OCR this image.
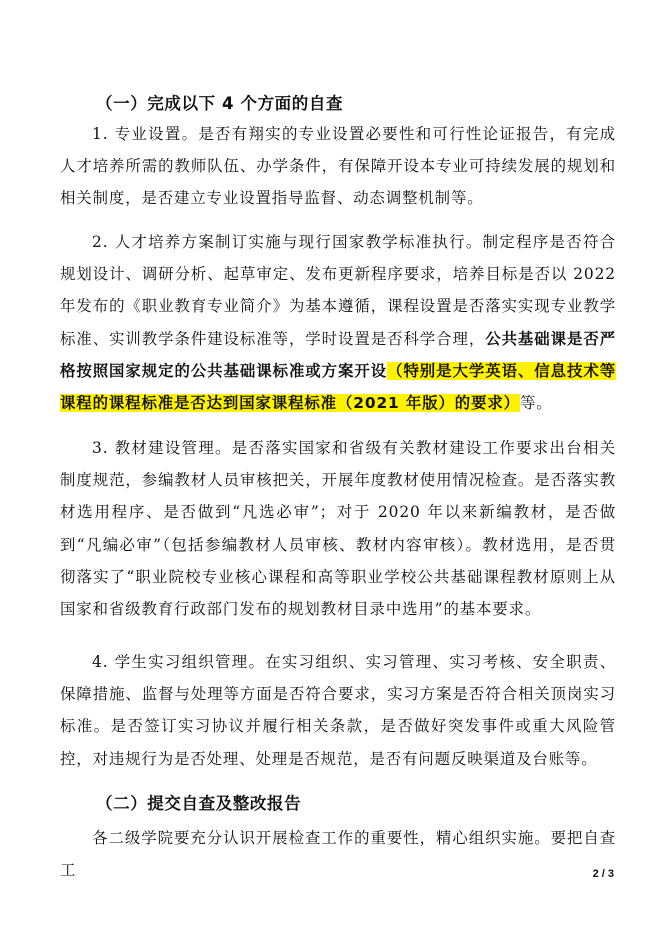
（一）完成以下 4 个方面的自查
1. 专业设置。是否有翔实的专业设置必要性和可行性论证报告，有完成人才培养所需的教师队伍、办学条件，有保障开设本专业可持续发展的规划和相关制度，是否建立专业设置指导监督、动态调整机制等。
2. 人才培养方案制订实施与现行国家教学标准执行。制定程序是否符合规划设计、调研分析、起草审定、发布更新程序要求，培养目标是否以 2022 年发布的《职业教育专业简介》为基本遵循，课程设置是否落实实现专业教学标准、实训教学条件建设标准等，学时设置是否科学合理，公共基础课是否严格按照国家规定的公共基础课标准或方案开设（特别是大学英语、信息技术等课程的课程标准是否达到国家课程标准（2021 年版）的要求）等。
3. 教材建设管理。是否落实国家和省级有关教材建设工作要求出台相关制度规范，参编教材人员审核把关，开展年度教材使用情况检查。是否落实教材选用程序、是否做到“凡选必审”；对于 2020 年以来新编教材，是否做到“凡编必审”（包括参编教材人员审核、教材内容审核）。教材选用，是否贯彻落实了“职业院校专业核心课程和高等职业学校公共基础课程教材原则上从国家和省级教育行政部门发布的规划教材目录中选用”的基本要求。
4. 学生实习组织管理。在实习组织、实习管理、实习考核、安全职责、保障措施、监督与处理等方面是否符合要求，实习方案是否符合相关顶岗实习标准。是否签订实习协议并履行相关条款，是否做好突发事件或重大风险管控，对违规行为是否处理、处理是否规范，是否有问题反映渠道及台账等。
（二）提交自查及整改报告
各二级学院要充分认识开展检查工作的重要性，精心组织实施。要把自查工	2 / 3
